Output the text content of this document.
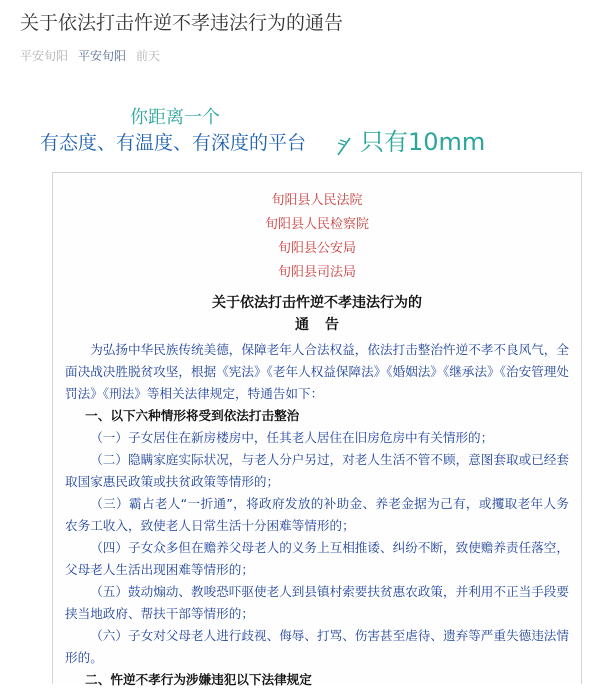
关于依法打击忤逆不孝违法行为的通告
平安旬阳 平安旬阳 前天
你距离一个
有态度、有温度、有深度的平台 只有10mm

旬阳县人民法院

旬阳县人民检察院

旬阳县公安局

旬阳县司法局

关于依法打击忤逆不孝违法行为的
通告

为弘扬中华民族传统美德，保障老年人合法权益，依法打击整治忤逆不孝不良风气，全面决战决胜脱贫攻坚，根据《宪法》《老年人权益保障法》《婚姻法》《继承法》《治安管理处罚法》《刑法》等相关法律规定，特通告如下：

一、以下六种情形将受到依法打击整治

（一）子女居住在新房楼房中，任其老人居住在旧房危房中有关情形的；

（二）隐瞒家庭实际状况，与老人分户另过，对老人生活不管不顾，意图套取或已经套取国家惠民政策或扶贫政策等情形的；

（三）霸占老人“一折通”，将政府发放的补助金、养老金据为己有，或攫取老年人务农务工收入，致使老人日常生活十分困难等情形的；

（四）子女众多但在赡养父母老人的义务上互相推诿、纠纷不断，致使赡养责任落空，父母老人生活出现困难等情形的；

（五）鼓动煽动、教唆恐吓驱使老人到县镇村索要扶贫惠农政策，并利用不正当手段要挟当地政府、帮扶干部等情形的；

（六）子女对父母老人进行歧视、侮辱、打骂、伤害甚至虐待、遗弃等严重失德违法情形的。

二、忤逆不孝行为涉嫌违犯以下法律规定
